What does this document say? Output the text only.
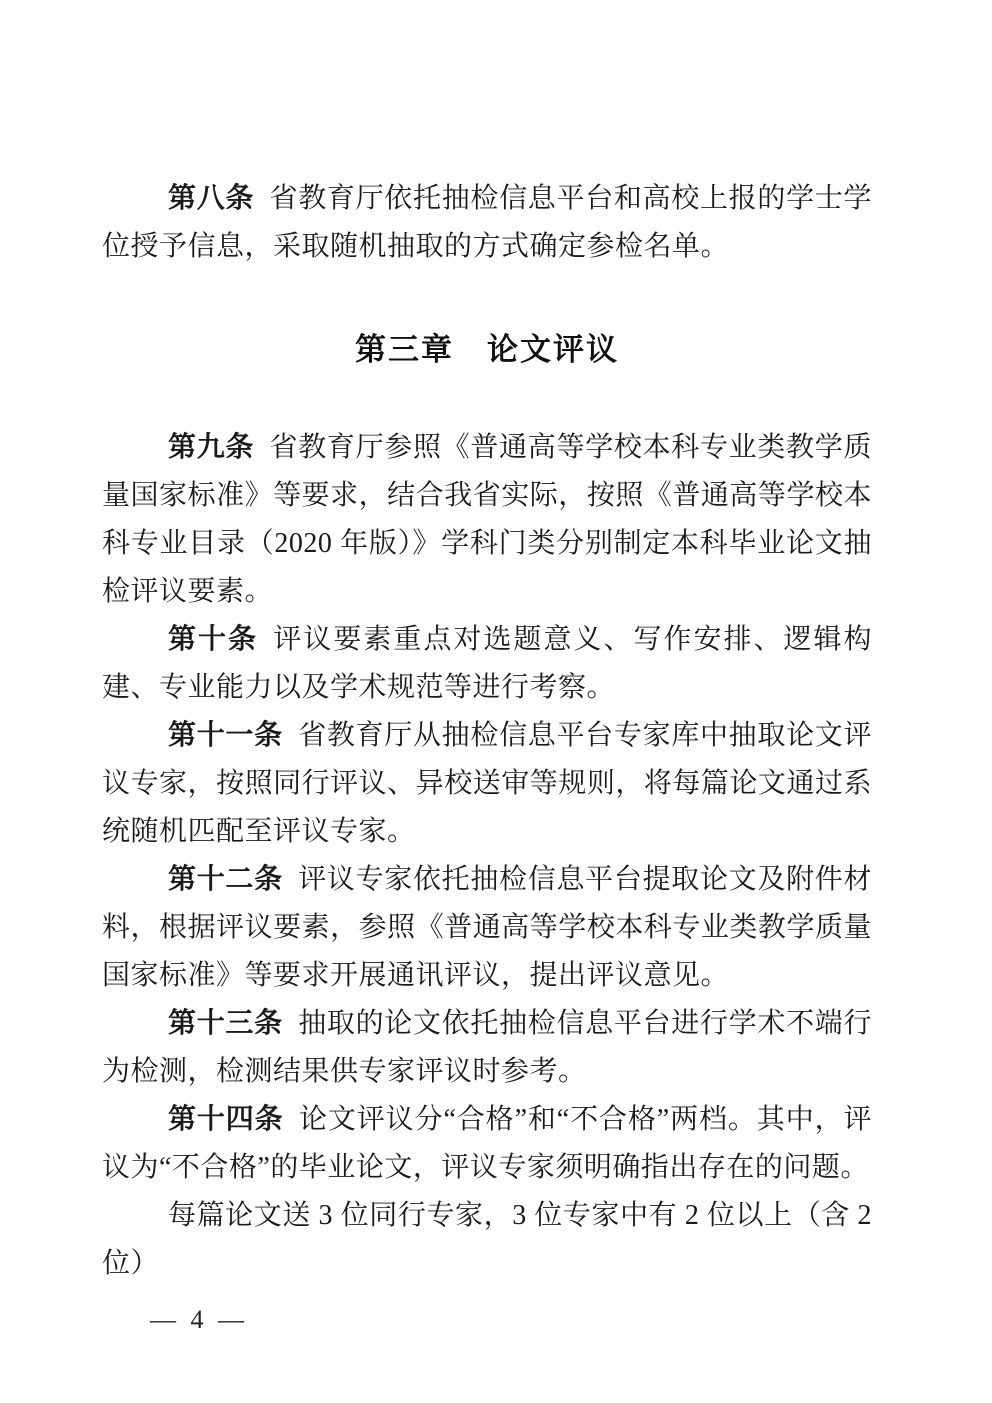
第八条 省教育厅依托抽检信息平台和高校上报的学士学位授予信息，采取随机抽取的方式确定参检名单。

第三章　论文评议

第九条 省教育厅参照《普通高等学校本科专业类教学质量国家标准》等要求，结合我省实际，按照《普通高等学校本科专业目录（2020 年版）》学科门类分别制定本科毕业论文抽检评议要素。

第十条 评议要素重点对选题意义、写作安排、逻辑构建、专业能力以及学术规范等进行考察。

第十一条 省教育厅从抽检信息平台专家库中抽取论文评议专家，按照同行评议、异校送审等规则，将每篇论文通过系统随机匹配至评议专家。

第十二条 评议专家依托抽检信息平台提取论文及附件材料，根据评议要素，参照《普通高等学校本科专业类教学质量国家标准》等要求开展通讯评议，提出评议意见。

第十三条 抽取的论文依托抽检信息平台进行学术不端行为检测，检测结果供专家评议时参考。

第十四条 论文评议分“合格”和“不合格”两档。其中，评议为“不合格”的毕业论文，评议专家须明确指出存在的问题。

每篇论文送 3 位同行专家，3 位专家中有 2 位以上（含 2 位）

— 4 —
